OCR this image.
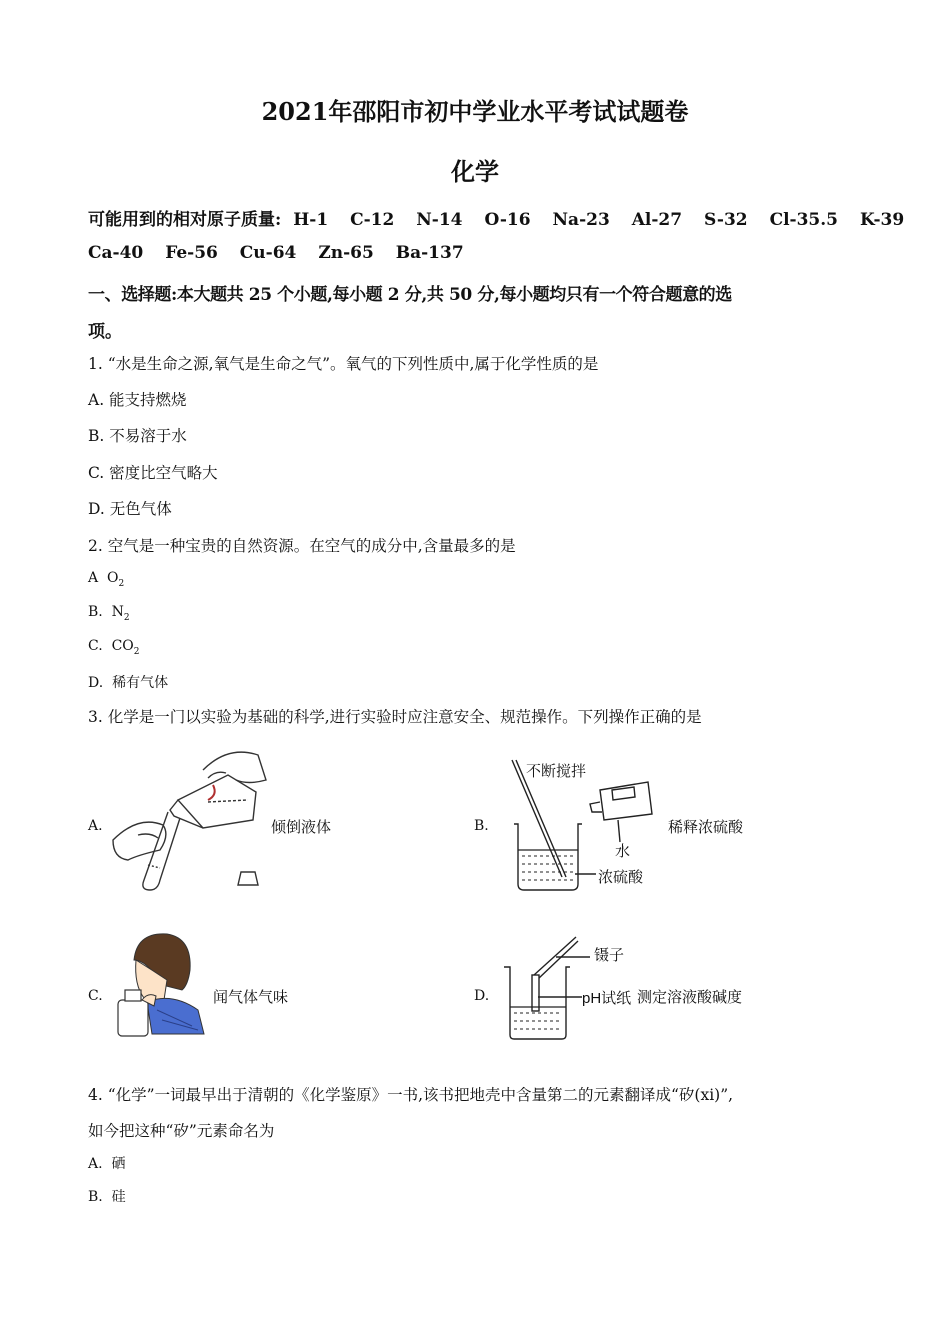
2021年邵阳市初中学业水平考试试题卷
化学
可能用到的相对原子质量: H-1 C-12 N-14 O-16 Na-23 Al-27 S-32 Cl-35.5 K-39
Ca-40 Fe-56 Cu-64 Zn-65 Ba-137
一、选择题:本大题共 25 个小题,每小题 2 分,共 50 分,每小题均只有一个符合题意的选
项。
1. “水是生命之源,氧气是生命之气”。氧气的下列性质中,属于化学性质的是
A. 能支持燃烧
B. 不易溶于水
C. 密度比空气略大
D. 无色气体
2. 空气是一种宝贵的自然资源。在空气的成分中,含量最多的是
A $O_2$
B. $N_2$
C. $CO_2$
D. 稀有气体
3. 化学是一门以实验为基础的科学,进行实验时应注意安全、规范操作。下列操作正确的是
A.	倾倒液体	B.
不断搅拌
水
浓硫酸
稀释浓硫酸
C.	闻气体气味	D.
镊子
pH试纸 测定溶液酸碱度
4. “化学”一词最早出于清朝的《化学鉴原》一书,该书把地壳中含量第二的元素翻译成“矽(xi)”,
如今把这种“矽”元素命名为
A.  硒
B.  硅
